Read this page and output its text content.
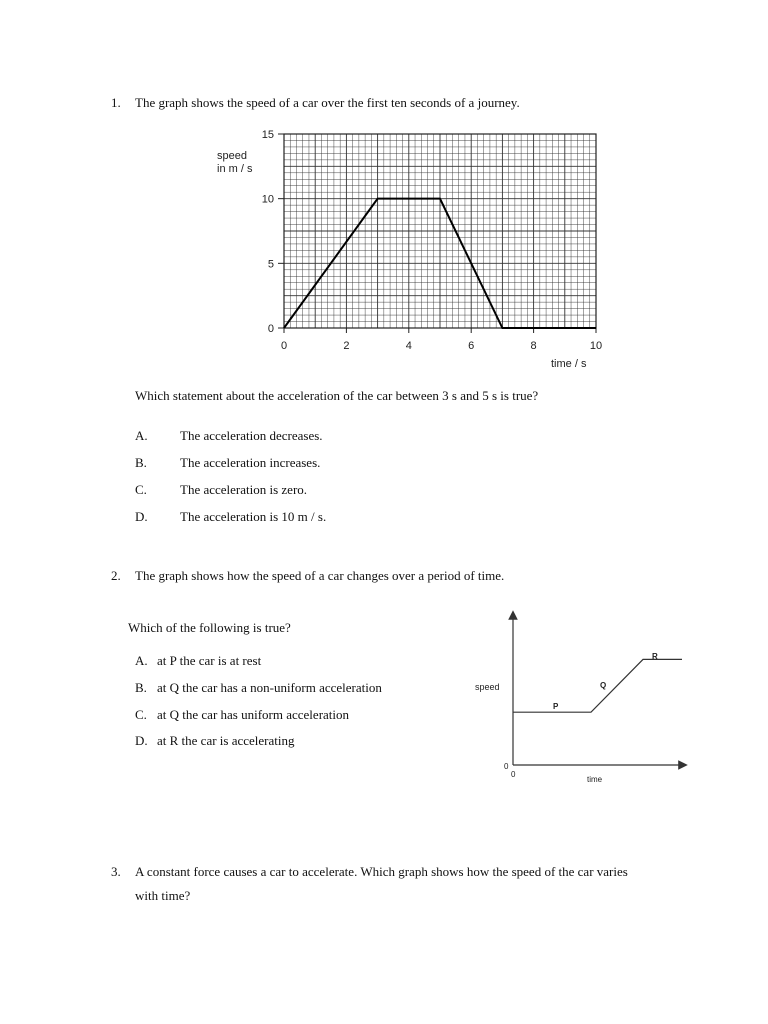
1.	The graph shows the speed of a car over the first ten seconds of a journey.
0	2	4	6	8	10
0
5
10
15
speed
in m / s
time / s
Which statement about the acceleration of the car between 3 s and 5 s is true?
A. The acceleration decreases.
B.	The acceleration increases.
C.	The acceleration is zero.
D. The acceleration is 10 m / s.
2.	The graph shows how the speed of a car changes over a period of time.
Which of the following is true?
A. at P the car is at rest
B. at Q the car has a non-uniform acceleration
C. at Q the car has uniform acceleration
D. at R the car is accelerating
speed
time
0
0
P
Q
R
3.	A constant force causes a car to accelerate. Which graph shows how the speed of the car varies
with time?
